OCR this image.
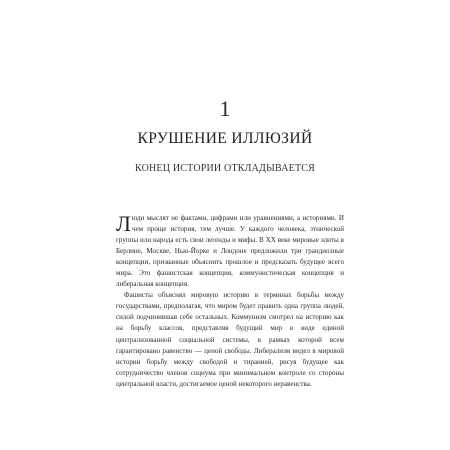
1
КРУШЕНИЕ ИЛЛЮЗИЙ
КОНЕЦ ИСТОРИИ ОТКЛАДЫВАЕТСЯ

Люди мыслят не фактами, цифрами или уравнениями, а историями. И чем проще история, тем лучше. У каждого человека, этнической группы или народа есть свои легенды и мифы. В XX веке мировые элиты в Берлине, Москве, Нью-Йорке и Лондоне предложили три грандиозные концепции, призванные объяснить прошлое и предсказать будущее всего мира. Это фашистская концепция, коммунистическая концепция и либеральная концепция.

Фашисты объяснял мировую историю в терминах борьбы между государствами, предполагая, что миром будет править одна группа людей, силой подчинившая себе остальных. Коммунизм смотрел на историю как на борьбу классов, представляя будущий мир в виде единой централизованной социальной системы, в рамках которой всем гарантировано равенство — ценой свободы. Либерализм видел в мировой истории борьбу между свободой и тиранией, рисуя будущее как сотрудничество членов социума при минимальном контроле со стороны центральной власти, достигаемое ценой некоторого неравенства.
